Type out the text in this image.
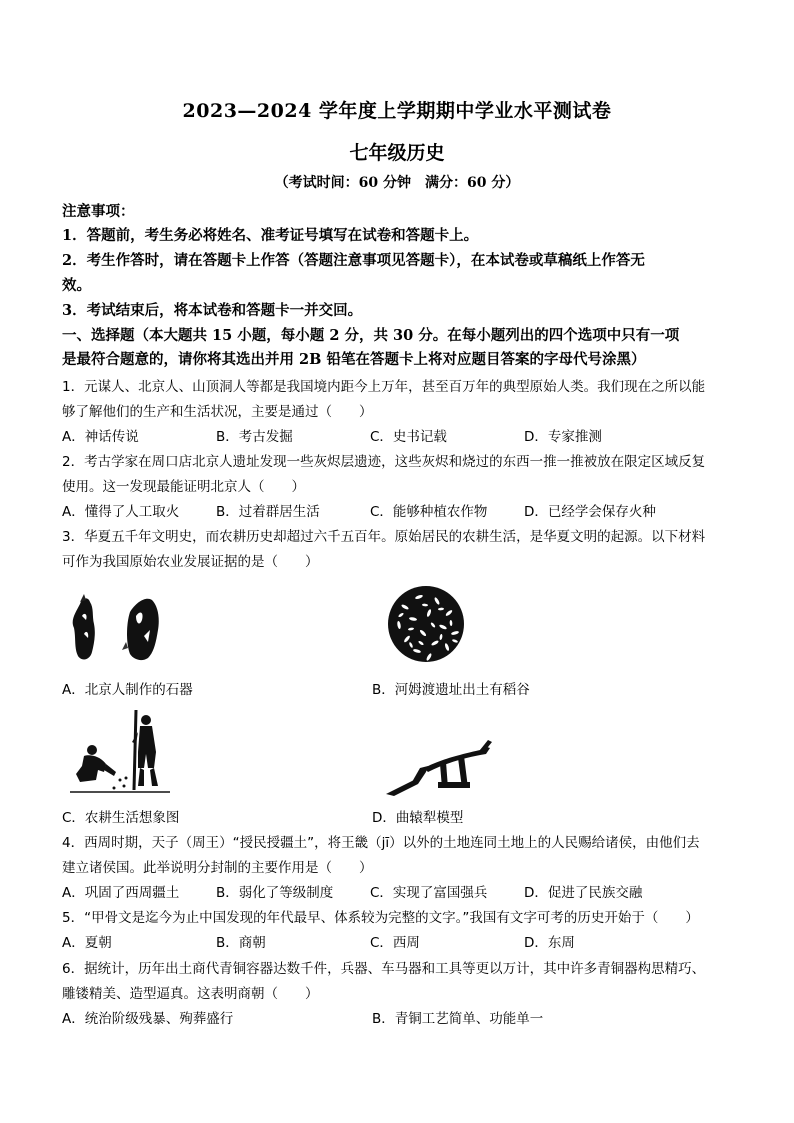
2023—2024 学年度上学期期中学业水平测试卷
七年级历史
（考试时间：60 分钟　满分：60 分）
注意事项：
1．答题前，考生务必将姓名、准考证号填写在试卷和答题卡上。
2．考生作答时，请在答题卡上作答（答题注意事项见答题卡），在本试卷或草稿纸上作答无
效。
3．考试结束后，将本试卷和答题卡一并交回。
一、选择题（本大题共 15 小题，每小题 2 分，共 30 分。在每小题列出的四个选项中只有一项
是最符合题意的，请你将其选出并用 2B 铅笔在答题卡上将对应题目答案的字母代号涂黑）
1．元谋人、北京人、山顶洞人等都是我国境内距今上万年，甚至百万年的典型原始人类。我们现在之所以能
够了解他们的生产和生活状况，主要是通过（　　）
A．神话传说	B．考古发掘	C．史书记载	D．专家推测
2．考古学家在周口店北京人遗址发现一些灰烬层遗迹，这些灰烬和烧过的东西一推一推被放在限定区域反复
使用。这一发现最能证明北京人（　　）
A．懂得了人工取火	B．过着群居生活	C．能够种植农作物	D．已经学会保存火种
3．华夏五千年文明史，而农耕历史却超过六千五百年。原始居民的农耕生活，是华夏文明的起源。以下材料
可作为我国原始农业发展证据的是（　　）
A．北京人制作的石器	B．河姆渡遗址出土有稻谷
C．农耕生活想象图	D．曲辕犁模型
4．西周时期，天子（周王）“授民授疆土”，将王畿（jī）以外的土地连同土地上的人民赐给诸侯，由他们去
建立诸侯国。此举说明分封制的主要作用是（　　）
A．巩固了西周疆土	B．弱化了等级制度	C．实现了富国强兵	D．促进了民族交融
5．“甲骨文是迄今为止中国发现的年代最早、体系较为完整的文字。”我国有文字可考的历史开始于（　　）
A．夏朝	B．商朝	C．西周	D．东周
6．据统计，历年出土商代青铜容器达数千件，兵器、车马器和工具等更以万计，其中许多青铜器构思精巧、
雕镂精美、造型逼真。这表明商朝（　　）
A．统治阶级残暴、殉葬盛行	B．青铜工艺简单、功能单一
